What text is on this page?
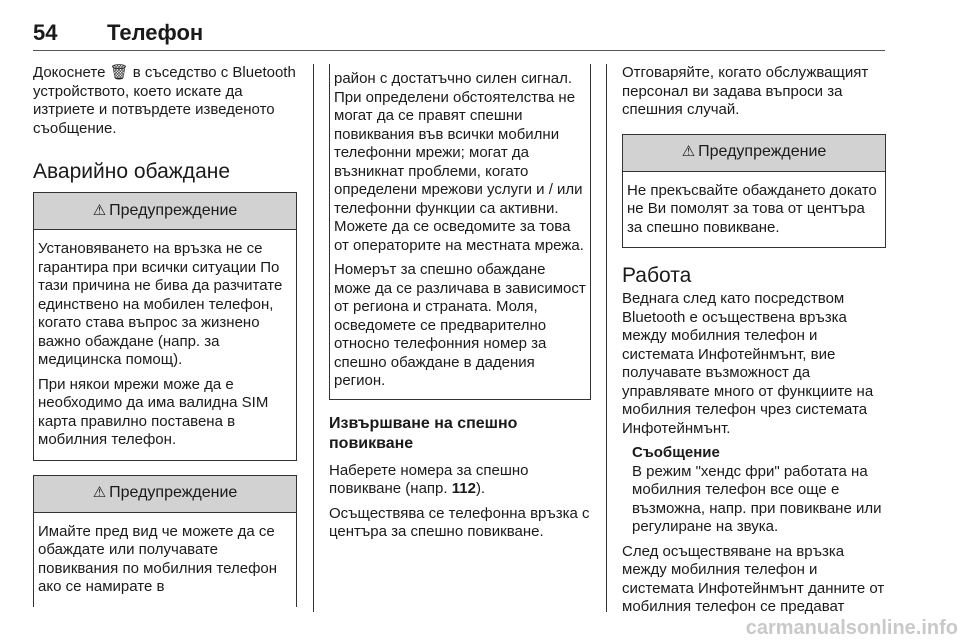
54 Телефон

Докоснете 🗑 в съседство с Bluetooth устройството, което искате да изтриете и потвърдете изведеното съобщение.

Аварийно обаждане
⚠ Предупреждение

Установяването на връзка не се гарантира при всички ситуации По тази причина не бива да разчитате единствено на мобилен телефон, когато става въпрос за жизнено важно обаждане (напр. за медицинска помощ).

При някои мрежи може да е необходимо да има валидна SIM карта правилно поставена в мобилния телефон.

⚠ Предупреждение

Имайте пред вид че можете да се обаждате или получавате повиквания по мобилния телефон ако се намирате в

район с достатъчно силен сигнал. При определени обстоятелства не могат да се правят спешни повиквания във всички мобилни телефонни мрежи; могат да възникнат проблеми, когато определени мрежови услуги и / или телефонни функции са активни. Можете да се осведомите за това от операторите на местната мрежа.

Номерът за спешно обаждане може да се различава в зависимост от региона и страната. Моля, осведомете се предварително относно телефонния номер за спешно обаждане в дадения регион.

Извършване на спешно повикване

Наберете номера за спешно повикване (напр. 112).

Осъществява се телефонна връзка с центъра за спешно повикване.

Отговаряйте, когато обслужващият персонал ви задава въпроси за спешния случай.

⚠ Предупреждение

Не прекъсвайте обаждането докато не Ви помолят за това от центъра за спешно повикване.

Работа

Веднага след като посредством Bluetooth е осъществена връзка между мобилния телефон и системата Инфотейнмънт, вие получавате възможност да управлявате много от функциите на мобилния телефон чрез системата Инфотейнмънт.

Съобщение

В режим "хендс фри" работата на мобилния телефон все още е възможна, напр. при повикване или регулиране на звука.

След осъществяване на връзка между мобилния телефон и системата Инфотейнмънт данните от мобилния телефон се предават

carmanualsonline.info
